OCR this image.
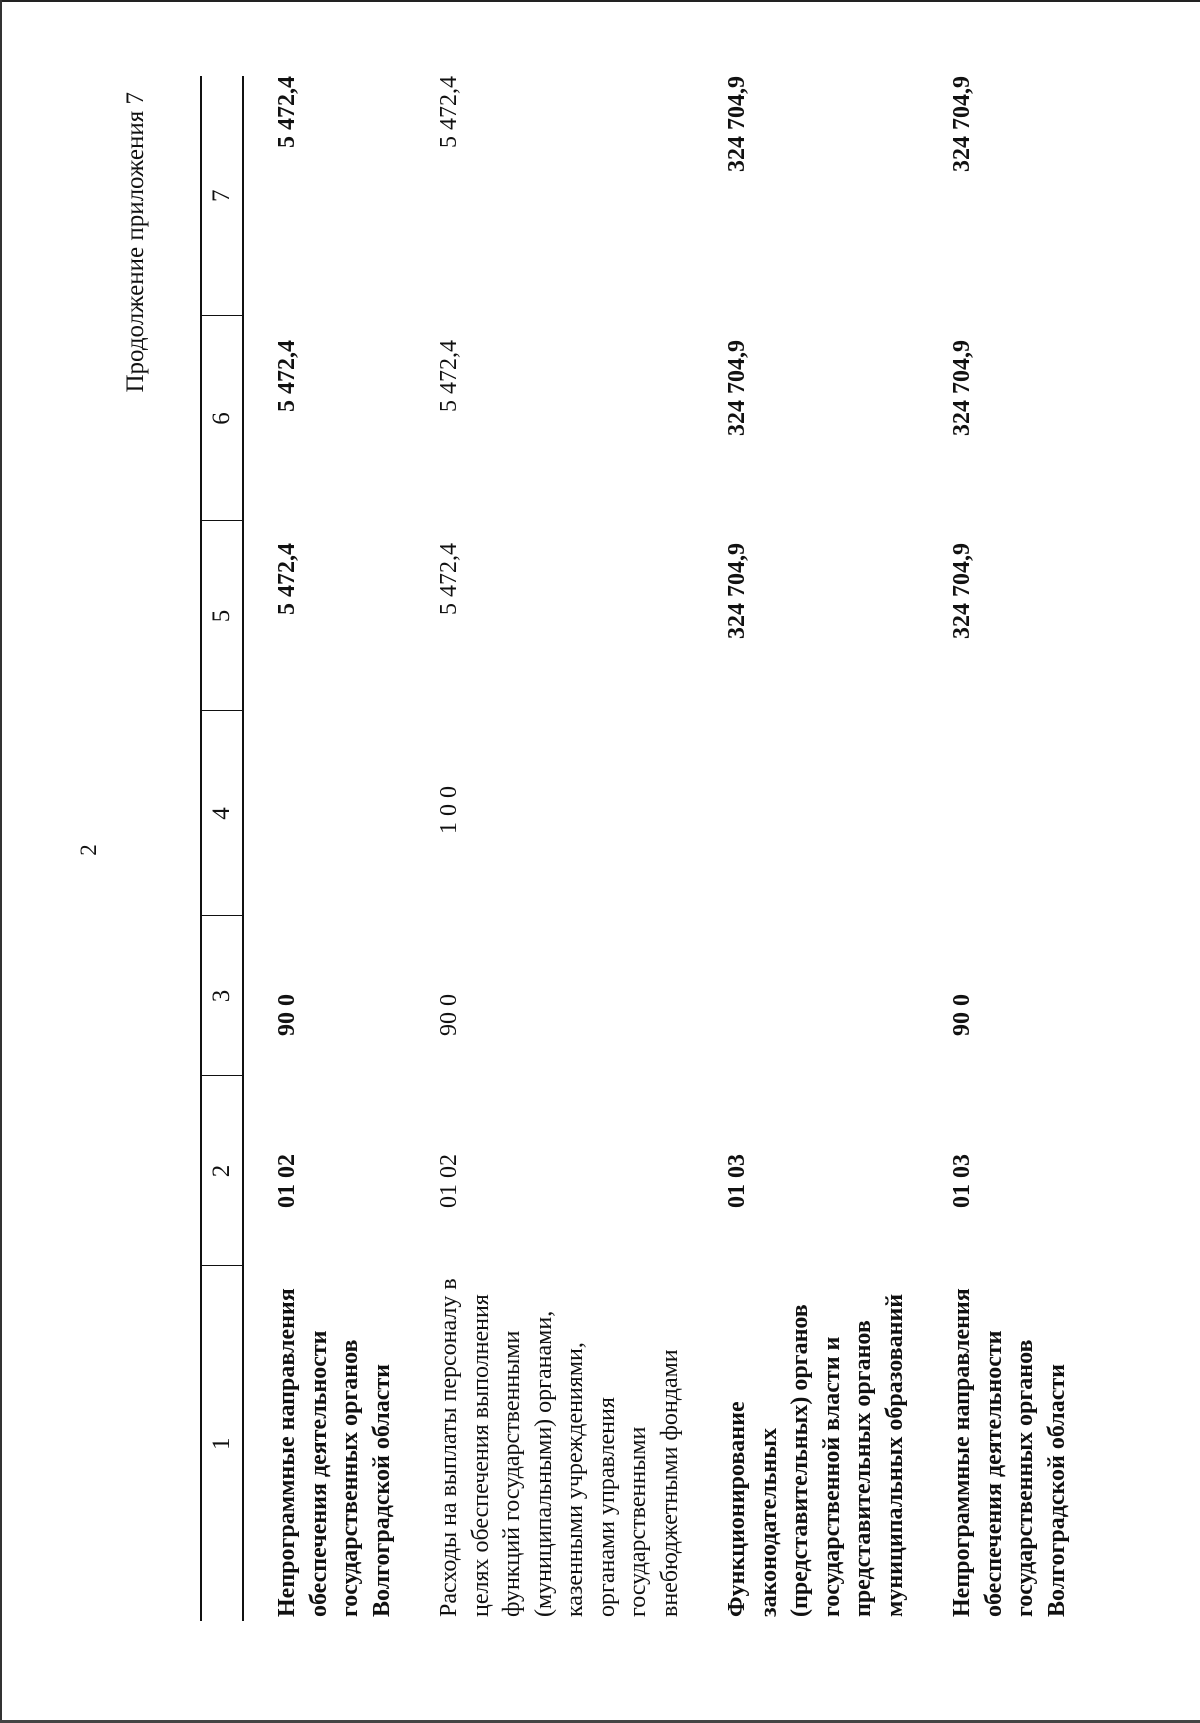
2
Продолжение приложения 7
1	2	3	4	5	6	7
Непрограммные направления обеспечения деятельности государственных органов Волгоградской области	01 02	90 0		5 472,4	5 472,4	5 472,4

Расходы на выплаты персоналу в целях обеспечения выполнения функций государственными (муниципальными) органами, казенными учреждениями, органами управления государственными внебюджетными фондами	01 02	90 0	1 0 0	5 472,4	5 472,4	5 472,4

Функционирование законодательных (представительных) органов государственной власти и представительных органов муниципальных образований	01 03			324 704,9	324 704,9	324 704,9

Непрограммные направления обеспечения деятельности государственных органов Волгоградской области	01 03	90 0		324 704,9	324 704,9	324 704,9
